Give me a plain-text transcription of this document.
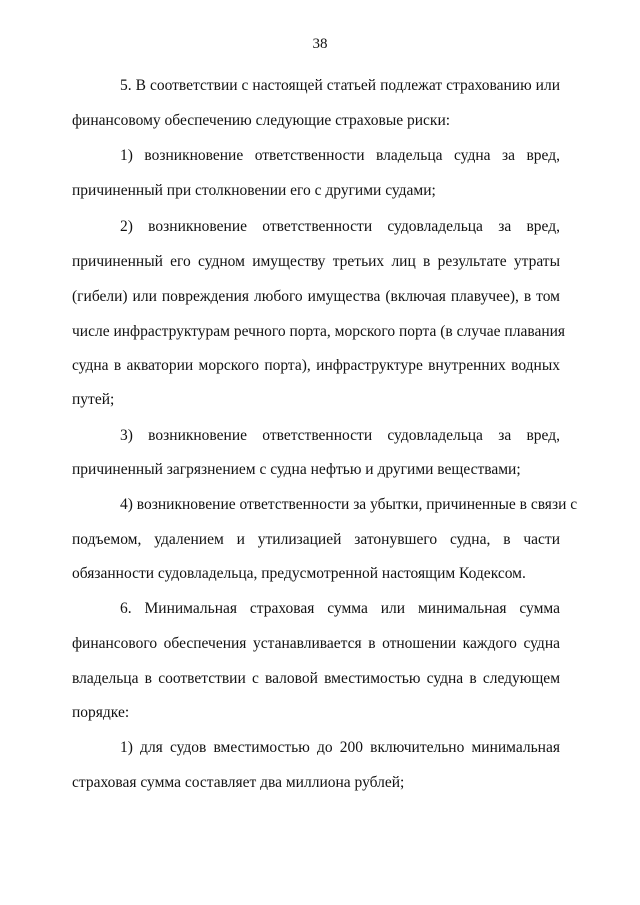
38
5. В соответствии с настоящей статьей подлежат страхованию или
финансовому обеспечению следующие страховые риски:
1) возникновение ответственности владельца судна за вред,
причиненный при столкновении его с другими судами;
2) возникновение ответственности судовладельца за вред,
причиненный его судном имуществу третьих лиц в результате утраты
(гибели) или повреждения любого имущества (включая плавучее), в том
числе инфраструктурам речного порта, морского порта (в случае плавания
судна в акватории морского порта), инфраструктуре внутренних водных
путей;
3) возникновение ответственности судовладельца за вред,
причиненный загрязнением с судна нефтью и другими веществами;
4) возникновение ответственности за убытки, причиненные в связи с
подъемом, удалением и утилизацией затонувшего судна, в части
обязанности судовладельца, предусмотренной настоящим Кодексом.
6. Минимальная страховая сумма или минимальная сумма
финансового обеспечения устанавливается в отношении каждого судна
владельца в соответствии с валовой вместимостью судна в следующем
порядке:
1) для судов вместимостью до 200 включительно минимальная
страховая сумма составляет два миллиона рублей;
